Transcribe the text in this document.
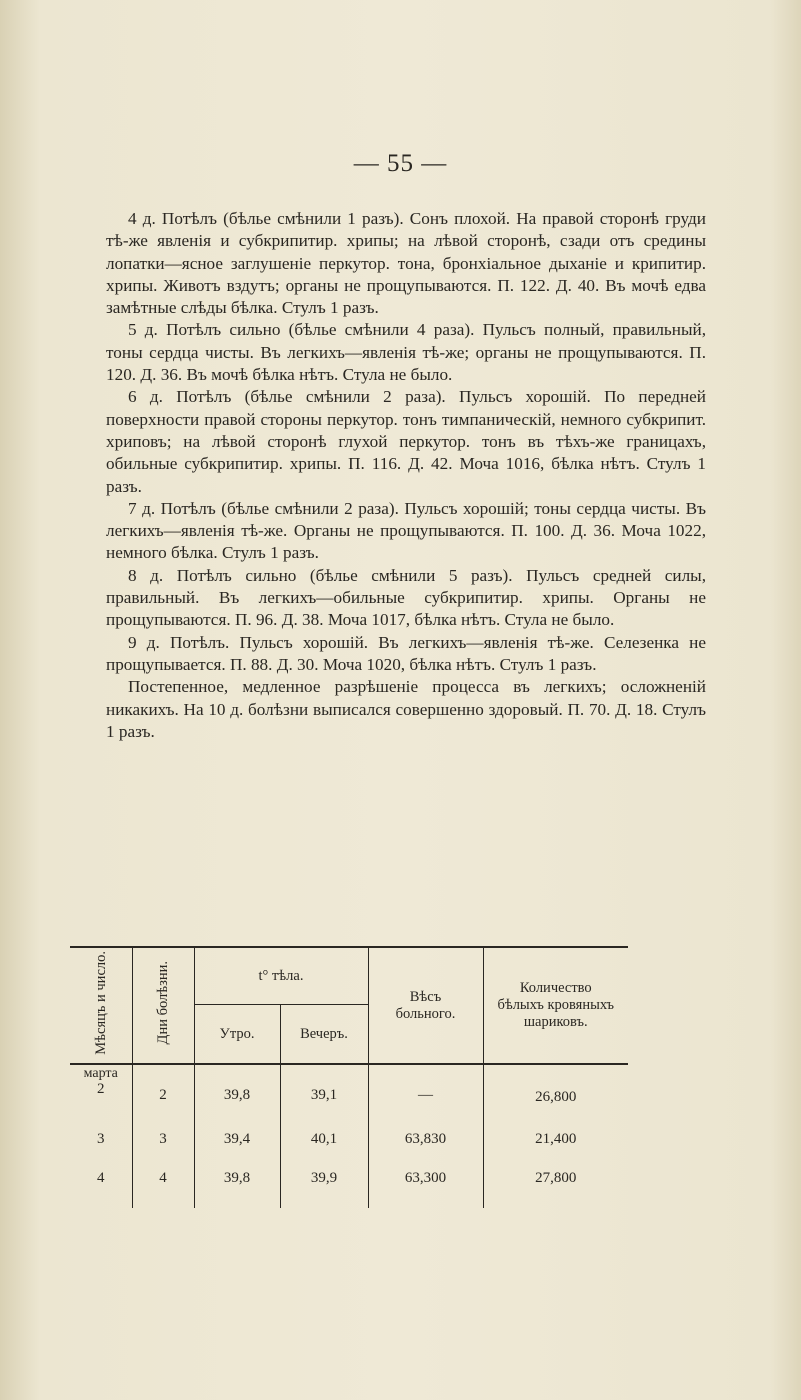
— 55 —

4 д. Потѣлъ (бѣлье смѣнили 1 разъ). Сонъ плохой. На правой сторонѣ груди тѣ-же явленія и субкрипитир. хрипы; на лѣвой сторонѣ, сзади отъ средины лопатки—ясное заглушеніе перкутор. тона, бронхіальное дыханіе и крипитир. хрипы. Животъ вздутъ; органы не прощупываются. П. 122. Д. 40. Въ мочѣ едва замѣтные слѣды бѣлка. Стулъ 1 разъ.

5 д. Потѣлъ сильно (бѣлье смѣнили 4 раза). Пульсъ полный, правильный, тоны сердца чисты. Въ легкихъ—явленія тѣ-же; органы не прощупываются. П. 120. Д. 36. Въ мочѣ бѣлка нѣтъ. Стула не было.

6 д. Потѣлъ (бѣлье смѣнили 2 раза). Пульсъ хорошій. По передней поверхности правой стороны перкутор. тонъ тимпаническій, немного субкрипит. хриповъ; на лѣвой сторонѣ глухой перкутор. тонъ въ тѣхъ-же границахъ, обильные субкрипитир. хрипы. П. 116. Д. 42. Моча 1016, бѣлка нѣтъ. Стулъ 1 разъ.

7 д. Потѣлъ (бѣлье смѣнили 2 раза). Пульсъ хорошій; тоны сердца чисты. Въ легкихъ—явленія тѣ-же. Органы не прощупываются. П. 100. Д. 36. Моча 1022, немного бѣлка. Стулъ 1 разъ.

8 д. Потѣлъ сильно (бѣлье смѣнили 5 разъ). Пульсъ средней силы, правильный. Въ легкихъ—обильные субкрипитир. хрипы. Органы не прощупываются. П. 96. Д. 38. Моча 1017, бѣлка нѣтъ. Стула не было.

9 д. Потѣлъ. Пульсъ хорошій. Въ легкихъ—явленія тѣ-же. Селезенка не прощупывается. П. 88. Д. 30. Моча 1020, бѣлка нѣтъ. Стулъ 1 разъ.

Постепенное, медленное разрѣшеніе процесса въ легкихъ; осложненій никакихъ. На 10 д. болѣзни выписался совершенно здоровый. П. 70. Д. 18. Стулъ 1 разъ.

Мѣсяцъ и число.	Дни болѣзни.	t° тѣла.		Вѣсъ больного.	Количество бѣлыхъ кровяныхъ шариковъ.
		Утро.	Вечеръ.		

марта
2	2	39,8	39,1	—	26,800
3	3	39,4	40,1	63,830	21,400
4	4	39,8	39,9	63,300	27,800
